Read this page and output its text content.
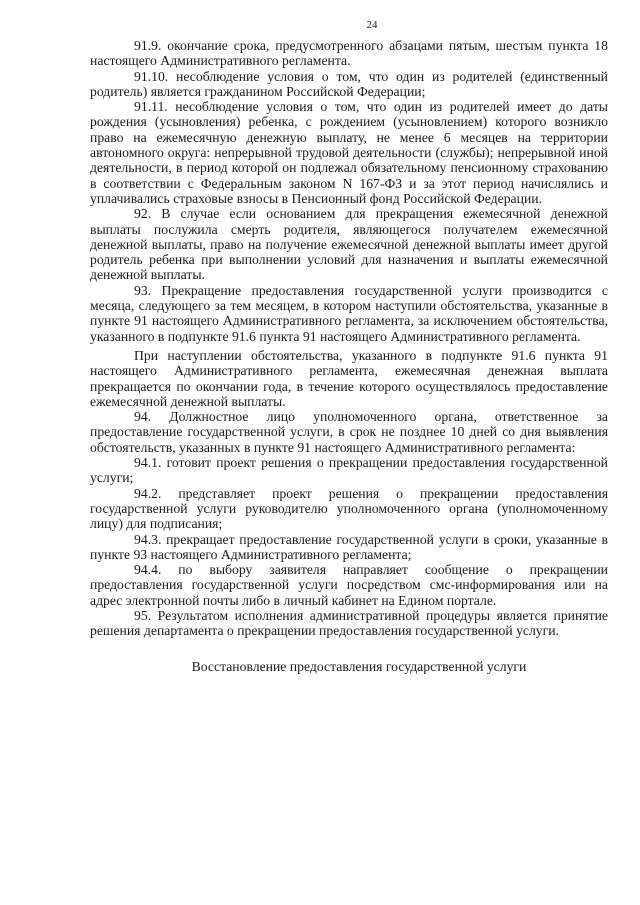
24

91.9. окончание срока, предусмотренного абзацами пятым, шестым пункта 18 настоящего Административного регламента.

91.10. несоблюдение условия о том, что один из родителей (единственный родитель) является гражданином Российской Федерации;

91.11. несоблюдение условия о том, что один из родителей имеет до даты рождения (усыновления) ребенка, с рождением (усыновлением) которого возникло право на ежемесячную денежную выплату, не менее 6 месяцев на территории автономного округа: непрерывной трудовой деятельности (службы); непрерывной иной деятельности, в период которой он подлежал обязательному пенсионному страхованию в соответствии с Федеральным законом N 167-ФЗ и за этот период начислялись и уплачивались страховые взносы в Пенсионный фонд Российской Федерации.

92. В случае если основанием для прекращения ежемесячной денежной выплаты послужила смерть родителя, являющегося получателем ежемесячной денежной выплаты, право на получение ежемесячной денежной выплаты имеет другой родитель ребенка при выполнении условий для назначения и выплаты ежемесячной денежной выплаты.

93. Прекращение предоставления государственной услуги производится с месяца, следующего за тем месяцем, в котором наступили обстоятельства, указанные в пункте 91 настоящего Административного регламента, за исключением обстоятельства, указанного в подпункте 91.6 пункта 91 настоящего Административного регламента.

При наступлении обстоятельства, указанного в подпункте 91.6 пункта 91 настоящего Административного регламента, ежемесячная денежная выплата прекращается по окончании года, в течение которого осуществлялось предоставление ежемесячной денежной выплаты.

94. Должностное лицо уполномоченного органа, ответственное за предоставление государственной услуги, в срок не позднее 10 дней со дня выявления обстоятельств, указанных в пункте 91 настоящего Административного регламента:

94.1. готовит проект решения о прекращении предоставления государственной услуги;

94.2. представляет проект решения о прекращении предоставления государственной услуги руководителю уполномоченного органа (уполномоченному лицу) для подписания;

94.3. прекращает предоставление государственной услуги в сроки, указанные в пункте 93 настоящего Административного регламента;

94.4. по выбору заявителя направляет сообщение о прекращении предоставления государственной услуги посредством смс-информирования или на адрес электронной почты либо в личный кабинет на Едином портале.

95. Результатом исполнения административной процедуры является принятие решения департамента о прекращении предоставления государственной услуги.

Восстановление предоставления государственной услуги
